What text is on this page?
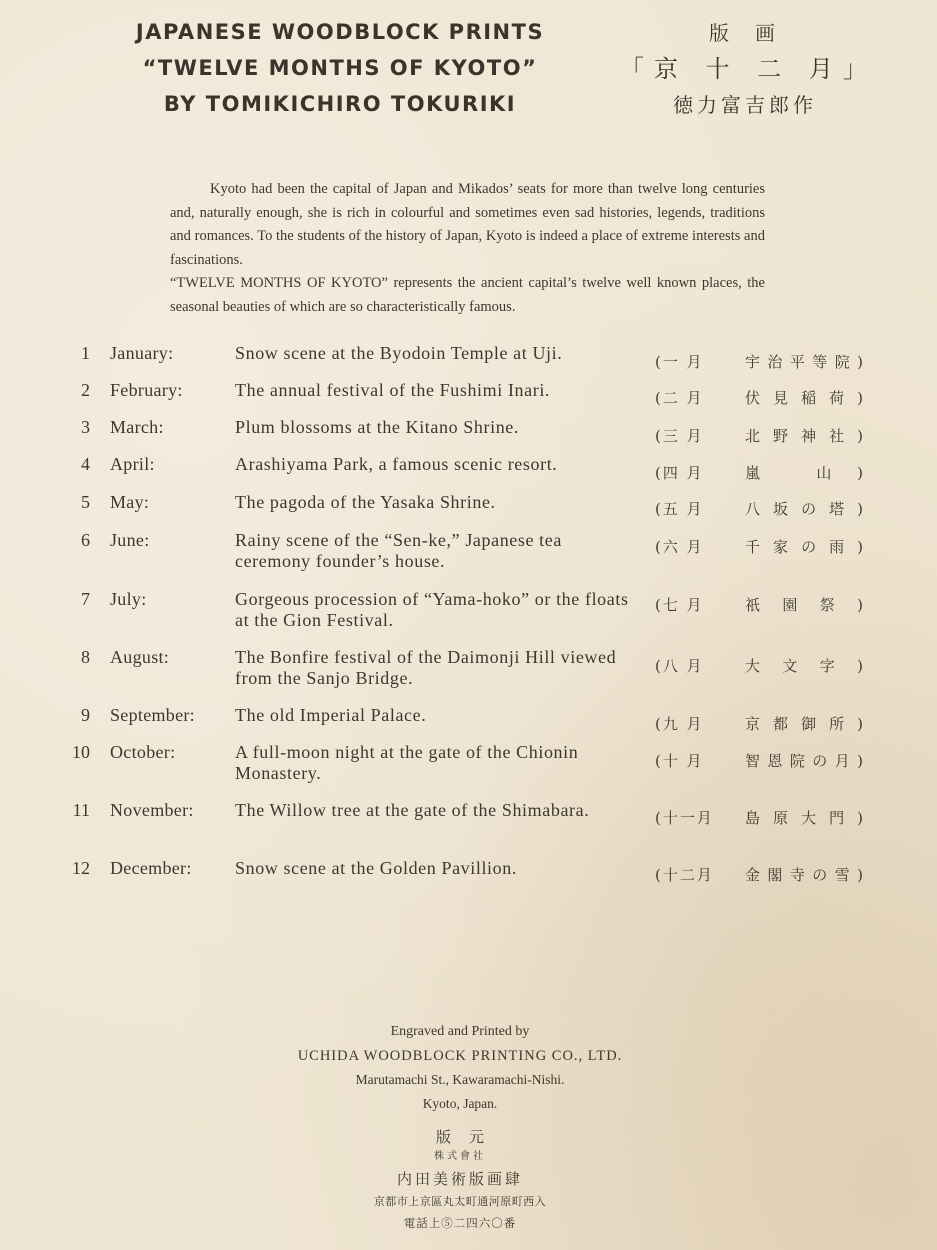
JAPANESE WOODBLOCK PRINTS
“TWELVE MONTHS OF KYOTO”
BY TOMIKICHIRO TOKURIKI
版画
「京 十 二 月」
徳力富吉郎作

Kyoto had been the capital of Japan and Mikados’ seats for more than twelve long centuries and, naturally enough, she is rich in colourful and sometimes even sad histories, legends, traditions and romances. To the students of the history of Japan, Kyoto is indeed a place of extreme interests and fascinations.

“TWELVE MONTHS OF KYOTO” represents the ancient capital’s twelve well known places, the seasonal beauties of which are so characteristically famous.

1 January:	Snow scene at the Byodoin Temple at Uji.	(一 月	宇治平等院)
2 February:	The annual festival of the Fushimi Inari.	(二 月	伏見稲荷)
3 March:	Plum blossoms at the Kitano Shrine.	(三 月	北野神社)
4 April:	Arashiyama Park, a famous scenic resort.	(四 月	嵐 山)
5 May:	The pagoda of the Yasaka Shrine.	(五 月	八坂の塔)
6 June:	Rainy scene of the “Sen-ke,” Japanese tea ceremony founder’s house.
(六 月	千家の雨)
7 July:	Gorgeous procession of “Yama-hoko” or the floats at the Gion Festival.
(七 月	祇園祭)
8 August:	The Bonfire festival of the Daimonji Hill viewed from the Sanjo Bridge.
(八 月	大文字)
9 September: The old Imperial Palace.	(九 月	京都御所)
10 October:	A full-moon night at the gate of the Chionin Monastery.
(十 月	智恩院の月)
11 November: The Willow tree at the gate of the Shimabara.	(十一月 島原大門)
12 December: Snow scene at the Golden Pavillion.	(十二月 金閣寺の雪)
Engraved and Printed by
UCHIDA WOODBLOCK PRINTING CO., LTD.
Marutamachi St., Kawaramachi-Nishi.
Kyoto, Japan.
版元
株式會社
内田美術版画肆
京都市上京區丸太町通河原町西入
電話上⑤二四六〇番
